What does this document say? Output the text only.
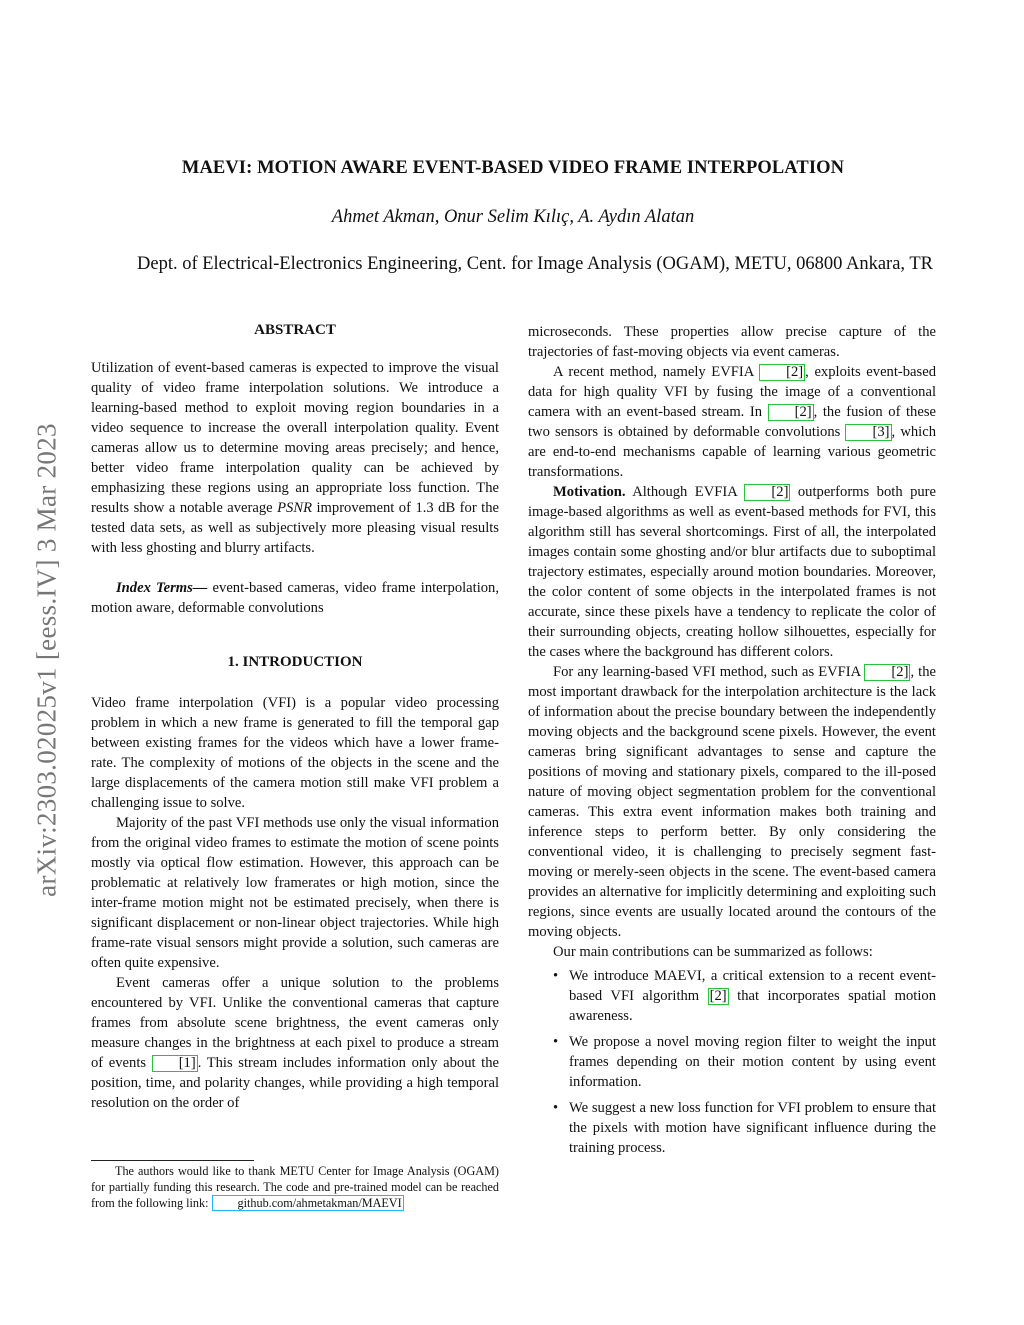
arXiv:2303.02025v1 [eess.IV] 3 Mar 2023
MAEVI: MOTION AWARE EVENT-BASED VIDEO FRAME INTERPOLATION
Ahmet Akman, Onur Selim Kılıç, A. Aydın Alatan
Dept. of Electrical-Electronics Engineering, Cent. for Image Analysis (OGAM), METU, 06800 Ankara, TR
ABSTRACT

Utilization of event-based cameras is expected to improve the visual quality of video frame interpolation solutions. We introduce a learning-based method to exploit moving region boundaries in a video sequence to increase the overall interpolation quality. Event cameras allow us to determine moving areas precisely; and hence, better video frame interpolation quality can be achieved by emphasizing these regions using an appropriate loss function. The results show a notable average PSNR improvement of 1.3 dB for the tested data sets, as well as subjectively more pleasing visual results with less ghosting and blurry artifacts.

Index Terms— event-based cameras, video frame interpolation, motion aware, deformable convolutions

1. INTRODUCTION

Video frame interpolation (VFI) is a popular video processing problem in which a new frame is generated to fill the temporal gap between existing frames for the videos which have a lower frame-rate. The complexity of motions of the objects in the scene and the large displacements of the camera motion still make VFI problem a challenging issue to solve.

Majority of the past VFI methods use only the visual information from the original video frames to estimate the motion of scene points mostly via optical flow estimation. However, this approach can be problematic at relatively low framerates or high motion, since the inter-frame motion might not be estimated precisely, when there is significant displacement or non-linear object trajectories. While high frame-rate visual sensors might provide a solution, such cameras are often quite expensive.

Event cameras offer a unique solution to the problems encountered by VFI. Unlike the conventional cameras that capture frames from absolute scene brightness, the event cameras only measure changes in the brightness at each pixel to produce a stream of events [1] . This stream includes information only about the position, time, and polarity changes, while providing a high temporal resolution on the order of

The authors would like to thank METU Center for Image Analysis (OGAM) for partially funding this research. The code and pre-trained model can be reached from the following link: github.com/ahmetakman/MAEVI

microseconds. These properties allow precise capture of the trajectories of fast-moving objects via event cameras.

A recent method, namely EVFIA [2] , exploits event-based data for high quality VFI by fusing the image of a conventional camera with an event-based stream. In [2] , the fusion of these two sensors is obtained by deformable convolutions [3] , which are end-to-end mechanisms capable of learning various geometric transformations.

Motivation. Although EVFIA [2] outperforms both pure image-based algorithms as well as event-based methods for FVI, this algorithm still has several shortcomings. First of all, the interpolated images contain some ghosting and/or blur artifacts due to suboptimal trajectory estimates, especially around motion boundaries. Moreover, the color content of some objects in the interpolated frames is not accurate, since these pixels have a tendency to replicate the color of their surrounding objects, creating hollow silhouettes, especially for the cases where the background has different colors.

For any learning-based VFI method, such as EVFIA [2] , the most important drawback for the interpolation architecture is the lack of information about the precise boundary between the independently moving objects and the background scene pixels. However, the event cameras bring significant advantages to sense and capture the positions of moving and stationary pixels, compared to the ill-posed nature of moving object segmentation problem for the conventional cameras. This extra event information makes both training and inference steps to perform better. By only considering the conventional video, it is challenging to precisely segment fast-moving or merely-seen objects in the scene. The event-based camera provides an alternative for implicitly determining and exploiting such regions, since events are usually located around the contours of the moving objects.

Our main contributions can be summarized as follows:

• We introduce MAEVI, a critical extension to a recent event-based VFI algorithm [2] that incorporates spatial motion awareness.
• We propose a novel moving region filter to weight the input frames depending on their motion content by using event information.
• We suggest a new loss function for VFI problem to ensure that the pixels with motion have significant influence during the training process.
